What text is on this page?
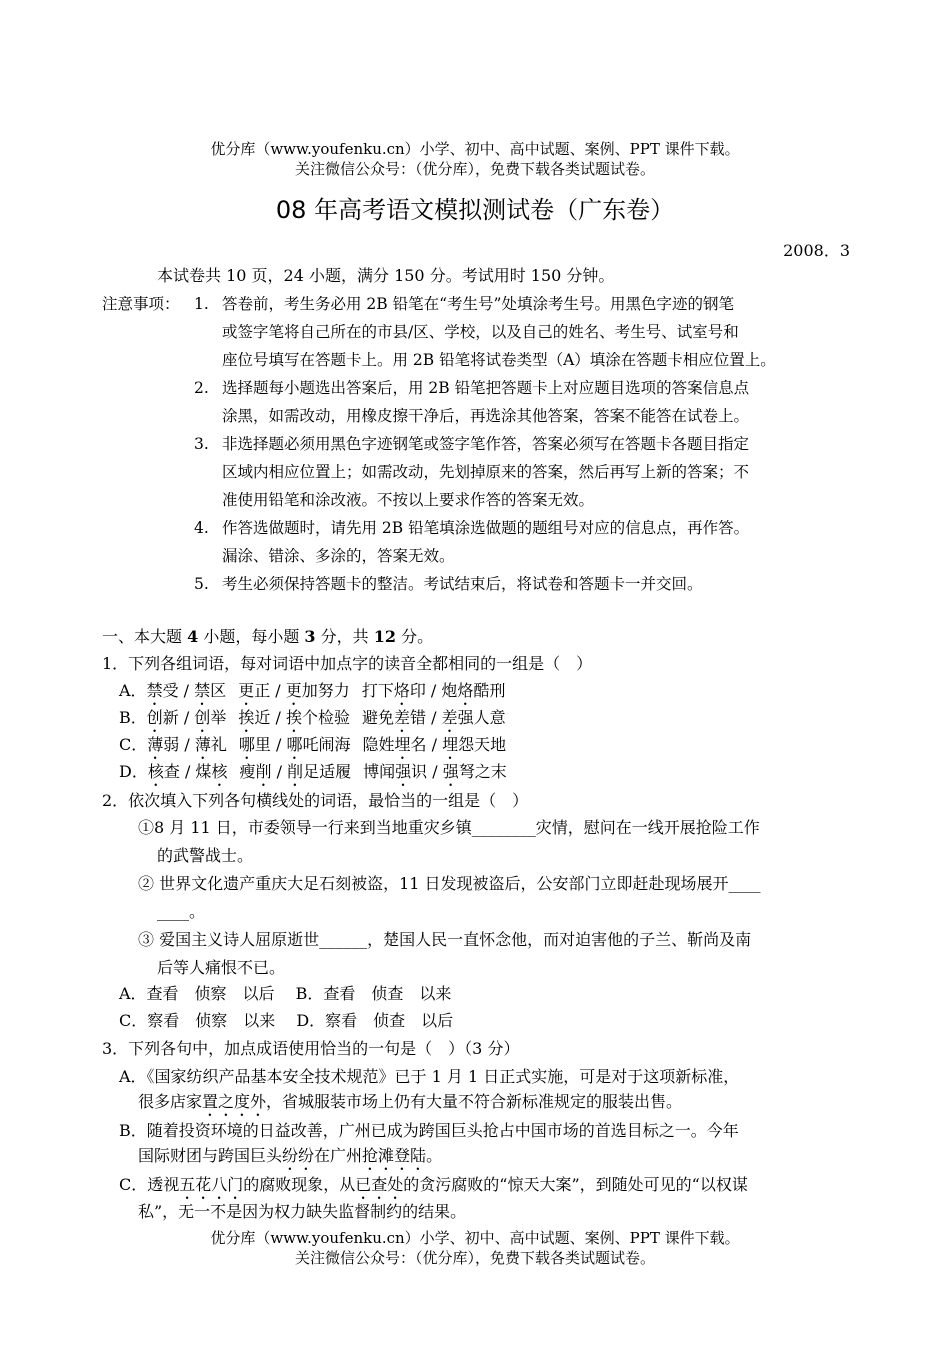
优分库（www.youfenku.cn）小学、初中、高中试题、案例、PPT 课件下载。
关注微信公众号：（优分库），免费下载各类试题试卷。
08 年高考语文模拟测试卷（广东卷）
2008．3
本试卷共 10 页，24 小题，满分 150 分。考试用时 150 分钟。
注意事项： 1. 答卷前，考生务必用 2B 铅笔在“考生号”处填涂考生号。用黑色字迹的钢笔
或签字笔将自己所在的市县/区、学校，以及自己的姓名、考生号、试室号和
座位号填写在答题卡上。用 2B 铅笔将试卷类型（A）填涂在答题卡相应位置上。
2. 选择题每小题选出答案后，用 2B 铅笔把答题卡上对应题目选项的答案信息点
涂黑，如需改动，用橡皮擦干净后，再选涂其他答案，答案不能答在试卷上。
3. 非选择题必须用黑色字迹钢笔或签字笔作答，答案必须写在答题卡各题目指定
区域内相应位置上；如需改动，先划掉原来的答案，然后再写上新的答案；不
准使用铅笔和涂改液。不按以上要求作答的答案无效。
4. 作答选做题时，请先用 2B 铅笔填涂选做题的题组号对应的信息点，再作答。
漏涂、错涂、多涂的，答案无效。
5. 考生必须保持答题卡的整洁。考试结束后，将试卷和答题卡一并交回。
一、本大题 4 小题，每小题 3 分，共 12 分。
1．下列各组词语，每对词语中加点字的读音全都相同的一组是（　）
A．禁受 / 禁区 更正 / 更加努力 打下烙印 / 炮烙酷刑
B．创新 / 创举 挨近 / 挨个检验 避免差错 / 差强人意
C．薄弱 / 薄礼 哪里 / 哪吒闹海 隐姓埋名 / 埋怨天地
D．核查 / 煤核 瘦削 / 削足适履 博闻强识 / 强弩之末
2．依次填入下列各句横线处的词语，最恰当的一组是（　）
①8 月 11 日，市委领导一行来到当地重灾乡镇________灾情，慰问在一线开展抢险工作
的武警战士。
② 世界文化遗产重庆大足石刻被盗，11 日发现被盗后，公安部门立即赶赴现场展开____
____。
③ 爱国主义诗人屈原逝世______，楚国人民一直怀念他，而对迫害他的子兰、靳尚及南
后等人痛恨不已。
A．查看　侦察　以后　 B．查看　侦查　以来
C．察看　侦察　以来　 D．察看　侦查　以后
3．下列各句中，加点成语使用恰当的一句是（　）（3 分）
A．《国家纺织产品基本安全技术规范》已于 1 月 1 日正式实施，可是对于这项新标准，
很多店家置之度外，省城服装市场上仍有大量不符合新标准规定的服装出售。
B．随着投资环境的日益改善，广州已成为跨国巨头抢占中国市场的首选目标之一。今年
国际财团与跨国巨头纷纷在广州抢滩登陆。
C．透视五花八门的腐败现象，从已查处的贪污腐败的“惊天大案”，到随处可见的“以权谋
私”，无一不是因为权力缺失监督制约的结果。
优分库（www.youfenku.cn）小学、初中、高中试题、案例、PPT 课件下载。
关注微信公众号：（优分库），免费下载各类试题试卷。
